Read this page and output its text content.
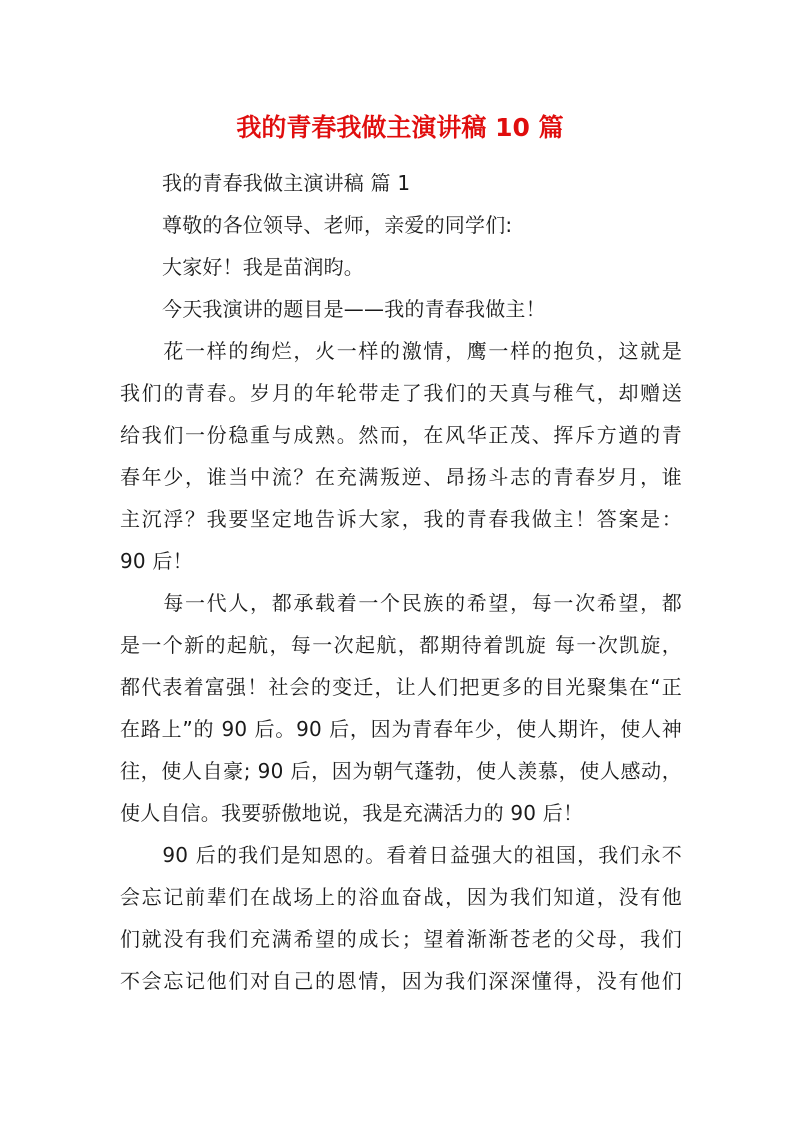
我的青春我做主演讲稿 10 篇
我的青春我做主演讲稿 篇 1
尊敬的各位领导、老师，亲爱的同学们:
大家好！我是苗润昀。
今天我演讲的题目是——我的青春我做主！
　　花一样的绚烂，火一样的激情，鹰一样的抱负，这就是
我们的青春。岁月的年轮带走了我们的天真与稚气，却赠送
给我们一份稳重与成熟。然而，在风华正茂、挥斥方遒的青
春年少，谁当中流？在充满叛逆、昂扬斗志的青春岁月，谁
主沉浮？我要坚定地告诉大家，我的青春我做主！答案是：
90 后！
　　每一代人，都承载着一个民族的希望，每一次希望，都
是一个新的起航，每一次起航，都期待着凯旋 每一次凯旋，
都代表着富强！社会的变迁，让人们把更多的目光聚集在“正
在路上”的 90 后。90 后，因为青春年少，使人期许，使人神
往，使人自豪; 90 后，因为朝气蓬勃，使人羡慕，使人感动，
使人自信。我要骄傲地说，我是充满活力的 90 后！
　　90 后的我们是知恩的。看着日益强大的祖国，我们永不
会忘记前辈们在战场上的浴血奋战，因为我们知道，没有他
们就没有我们充满希望的成长；望着渐渐苍老的父母，我们
不会忘记他们对自己的恩情，因为我们深深懂得，没有他们
